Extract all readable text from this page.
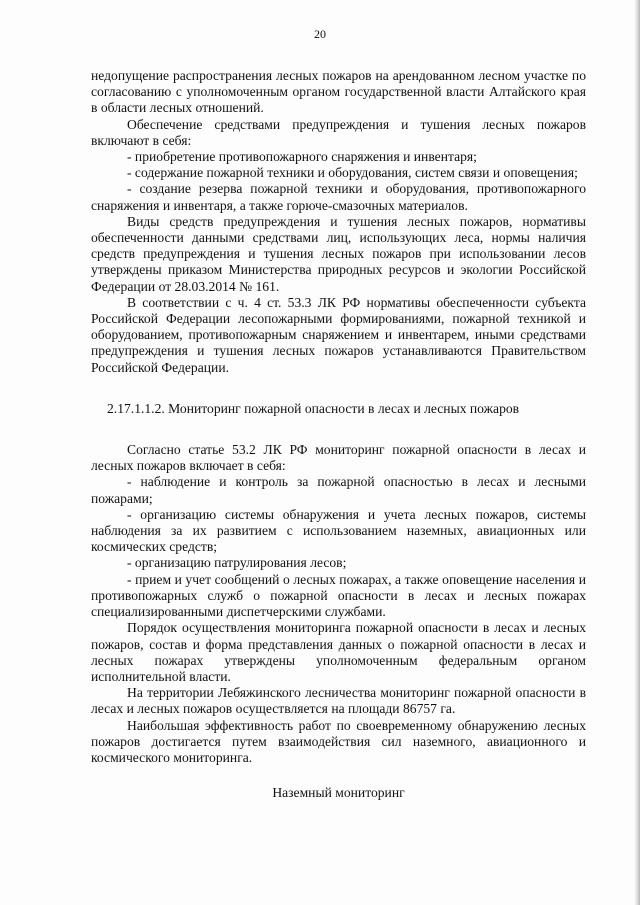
20

недопущение распространения лесных пожаров на арендованном лесном участке по согласованию с уполномоченным органом государственной власти Алтайского края в области лесных отношений.

Обеспечение средствами предупреждения и тушения лесных пожаров включают в себя:

- приобретение противопожарного снаряжения и инвентаря;

- содержание пожарной техники и оборудования, систем связи и оповещения;

- создание резерва пожарной техники и оборудования, противопожарного снаряжения и инвентаря, а также горюче-смазочных материалов.

Виды средств предупреждения и тушения лесных пожаров, нормативы обеспеченности данными средствами лиц, использующих леса, нормы наличия средств предупреждения и тушения лесных пожаров при использовании лесов утверждены приказом Министерства природных ресурсов и экологии Российской Федерации от 28.03.2014 № 161.

В соответствии с ч. 4 ст. 53.3 ЛК РФ нормативы обеспеченности субъекта Российской Федерации лесопожарными формированиями, пожарной техникой и оборудованием, противопожарным снаряжением и инвентарем, иными средствами предупреждения и тушения лесных пожаров устанавливаются Правительством Российской Федерации.

2.17.1.1.2. Мониторинг пожарной опасности в лесах и лесных пожаров

Согласно статье 53.2 ЛК РФ мониторинг пожарной опасности в лесах и лесных пожаров включает в себя:

- наблюдение и контроль за пожарной опасностью в лесах и лесными пожарами;

- организацию системы обнаружения и учета лесных пожаров, системы наблюдения за их развитием с использованием наземных, авиационных или космических средств;

- организацию патрулирования лесов;

- прием и учет сообщений о лесных пожарах, а также оповещение населения и противопожарных служб о пожарной опасности в лесах и лесных пожарах специализированными диспетчерскими службами.

Порядок осуществления мониторинга пожарной опасности в лесах и лесных пожаров, состав и форма представления данных о пожарной опасности в лесах и лесных пожарах утверждены уполномоченным федеральным органом исполнительной власти.

На территории Лебяжинского лесничества мониторинг пожарной опасности в лесах и лесных пожаров осуществляется на площади 86757 га.

Наибольшая эффективность работ по своевременному обнаружению лесных пожаров достигается путем взаимодействия сил наземного, авиационного и космического мониторинга.

Наземный мониторинг
